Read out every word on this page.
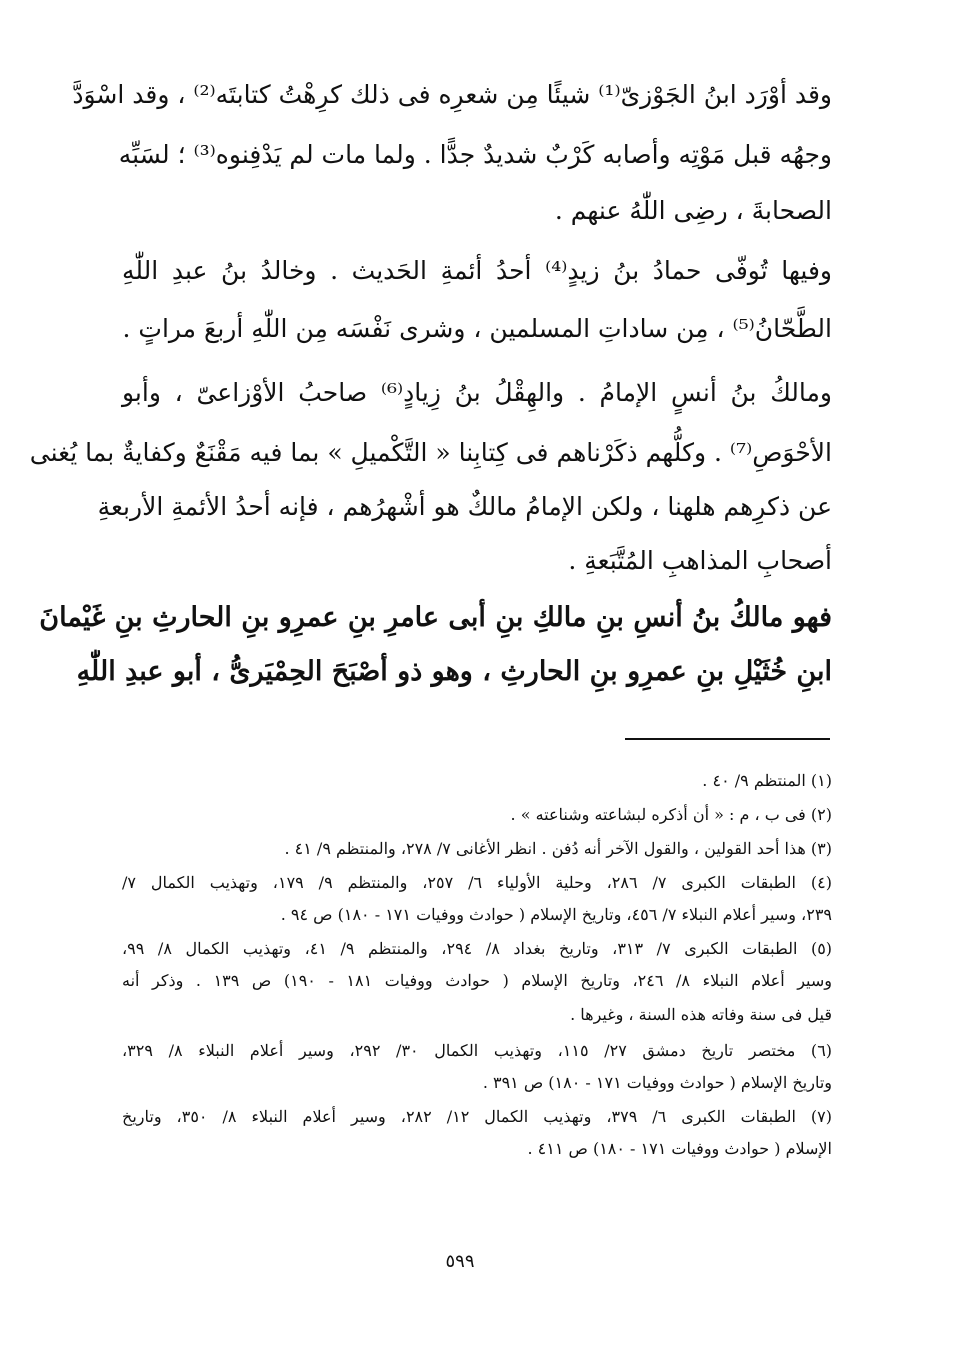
وقد أوْرَد ابنُ الجَوْزىّ⁽¹⁾ شيئًا مِن شعرِه فى ذلك كرِهْتُ كتابتَه⁽²⁾ ، وقد اسْوَدَّ
وجهُه قبل مَوْتِه وأصابه كَرْبٌ شديدٌ جدًّا . ولما مات لم يَدْفِنوه⁽³⁾ ؛ لسَبِّه
الصحابةَ ، رضِى اللّٰهُ عنهم .
وفيها تُوفّى حمادُ بنُ زيدٍ⁽⁴⁾ أحدُ أئمةِ الحَديث . وخالدُ بنُ عبدِ اللّٰهِ
الطَّحّانُ⁽⁵⁾ ، مِن ساداتِ المسلمين ، وشرى نَفْسَه مِن اللّٰهِ أربعَ مراتٍ .
ومالكُ بنُ أنسٍ الإمامُ . والهِقْلُ بنُ زِيادٍ⁽⁶⁾ صاحبُ الأوْزاعىّ ، وأبو
الأحْوَصِ⁽⁷⁾ . وكلُّهم ذكَرْناهم فى كِتابِنا « التَّكْميلِ » بما فيه مَقْنَعٌ وكفايةٌ بما يُغنى
عن ذكرِهم هلهنا ، ولكن الإمامُ مالكٌ هو أشْهرُهم ، فإنه أحدُ الأئمةِ الأربعةِ
أصحابِ المذاهبِ المُتَّبَعةِ .
فهو مالكُ بنُ أنسِ بنِ مالكِ بنِ أبى عامرِ بنِ عمرِو بنِ الحارثِ بنِ غَيْمانَ
ابنِ خُثَيْلِ بنِ عمرِو بنِ الحارثِ ، وهو ذو أصْبَحَ الحِمْيَرىُّ ، أبو عبدِ اللّٰهِ
(١) المنتظم ٩/ ٤٠ .
(٢) فى ب ، م : « أن أذكره لبشاعته وشناعته » .
(٣) هذا أحد القولين ، والقول الآخر أنه دُفن . انظر الأغانى ٧/ ٢٧٨، والمنتظم ٩/ ٤١ .
(٤) الطبقات الكبرى ٧/ ٢٨٦، وحلية الأولياء ٦/ ٢٥٧، والمنتظم ٩/ ١٧٩، وتهذيب الكمال ٧/
٢٣٩، وسير أعلام النبلاء ٧/ ٤٥٦، وتاريخ الإسلام ( حوادث ووفيات ١٧١ - ١٨٠) ص ٩٤ .
(٥) الطبقات الكبرى ٧/ ٣١٣، وتاريخ بغداد ٨/ ٢٩٤، والمنتظم ٩/ ٤١، وتهذيب الكمال ٨/ ٩٩،
وسير أعلام النبلاء ٨/ ٢٤٦، وتاريخ الإسلام ( حوادث ووفيات ١٨١ - ١٩٠) ص ١٣٩ . وذكر أنه
قيل فى سنة وفاته هذه السنة ، وغيرها .
(٦) مختصر تاريخ دمشق ٢٧/ ١١٥، وتهذيب الكمال ٣٠/ ٢٩٢، وسير أعلام النبلاء ٨/ ٣٢٩،
وتاريخ الإسلام ( حوادث ووفيات ١٧١ - ١٨٠) ص ٣٩١ .
(٧) الطبقات الكبرى ٦/ ٣٧٩، وتهذيب الكمال ١٢/ ٢٨٢، وسير أعلام النبلاء ٨/ ٣٥٠، وتاريخ
الإسلام ( حوادث ووفيات ١٧١ - ١٨٠) ص ٤١١ .
٥٩٩
